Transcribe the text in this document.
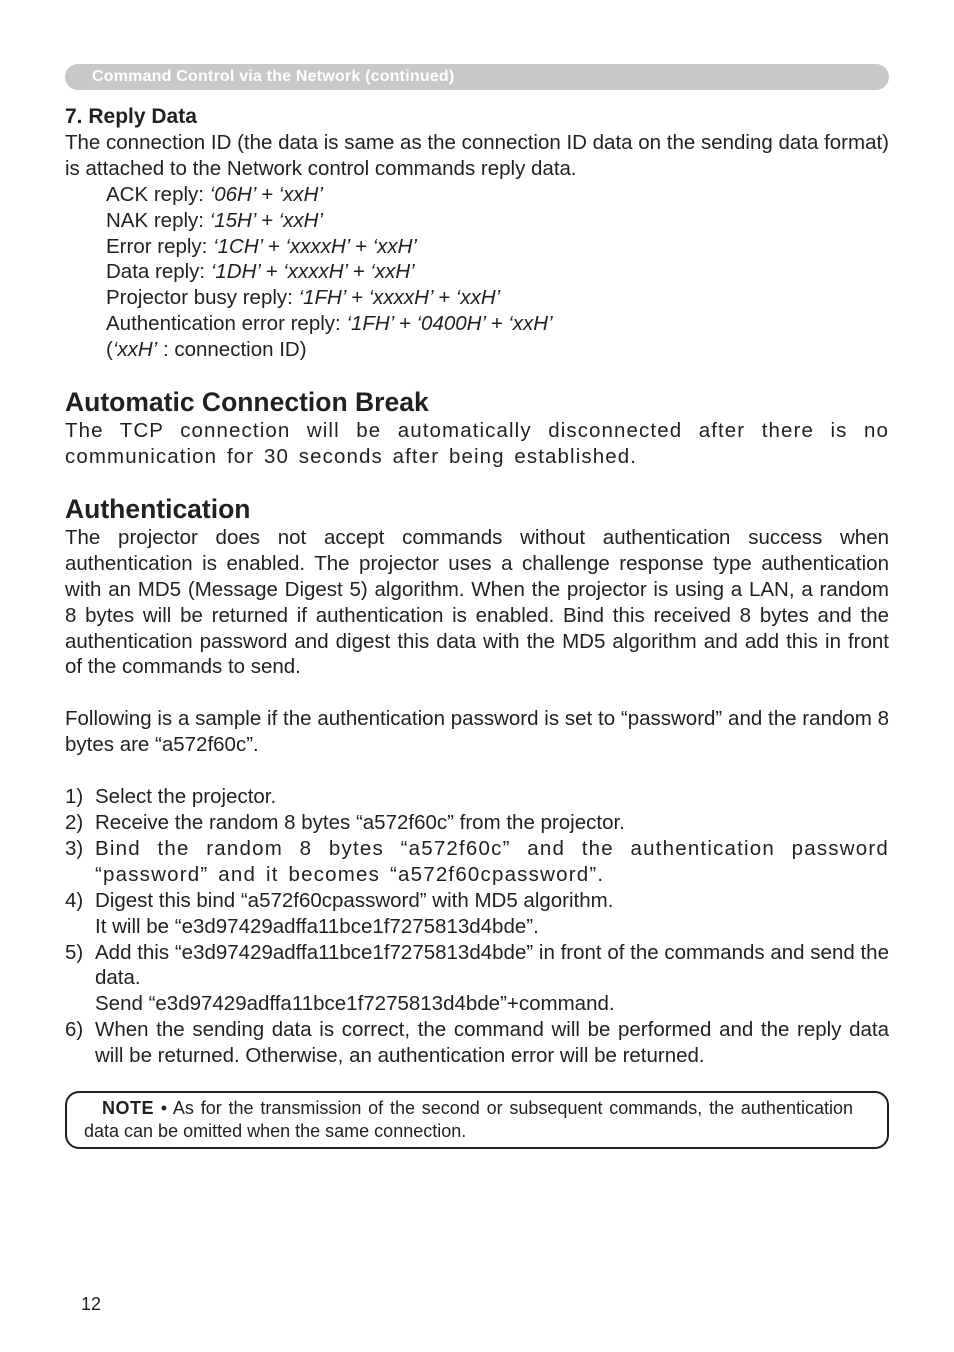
Command Control via the Network (continued)

7. Reply Data

The connection ID (the data is same as the connection ID data on the sending data format) is attached to the Network control commands reply data.

ACK reply: ‘06H’ + ‘xxH’

NAK reply: ‘15H’ + ‘xxH’

Error reply: ‘1CH’ + ‘xxxxH’ + ‘xxH’

Data reply: ‘1DH’ + ‘xxxxH’ + ‘xxH’

Projector busy reply: ‘1FH’ + ‘xxxxH’ + ‘xxH’

Authentication error reply: ‘1FH’ + ‘0400H’ + ‘xxH’

(‘xxH’ : connection ID)

Automatic Connection Break

The TCP connection will be automatically disconnected after there is no communication for 30 seconds after being established.

Authentication

The projector does not accept commands without authentication success when authentication is enabled. The projector uses a challenge response type authentication with an MD5 (Message Digest 5) algorithm. When the projector is using a LAN, a random 8 bytes will be returned if authentication is enabled. Bind this received 8 bytes and the authentication password and digest this data with the MD5 algorithm and add this in front of the commands to send.

Following is a sample if the authentication password is set to “password” and the random 8 bytes are “a572f60c”.

1) Select the projector.
2) Receive the random 8 bytes “a572f60c” from the projector.
3) Bind the random 8 bytes “a572f60c” and the authentication password “password” and it becomes “a572f60cpassword”.
4) Digest this bind “a572f60cpassword” with MD5 algorithm.
It will be “e3d97429adffa11bce1f7275813d4bde”.
5) Add this “e3d97429adffa11bce1f7275813d4bde” in front of the commands and send the data.
Send “e3d97429adffa11bce1f7275813d4bde”+command.
6) When the sending data is correct, the command will be performed and the reply data will be returned. Otherwise, an authentication error will be returned.
NOTE • As for the transmission of the second or subsequent commands, the authentication data can be omitted when the same connection.
12
